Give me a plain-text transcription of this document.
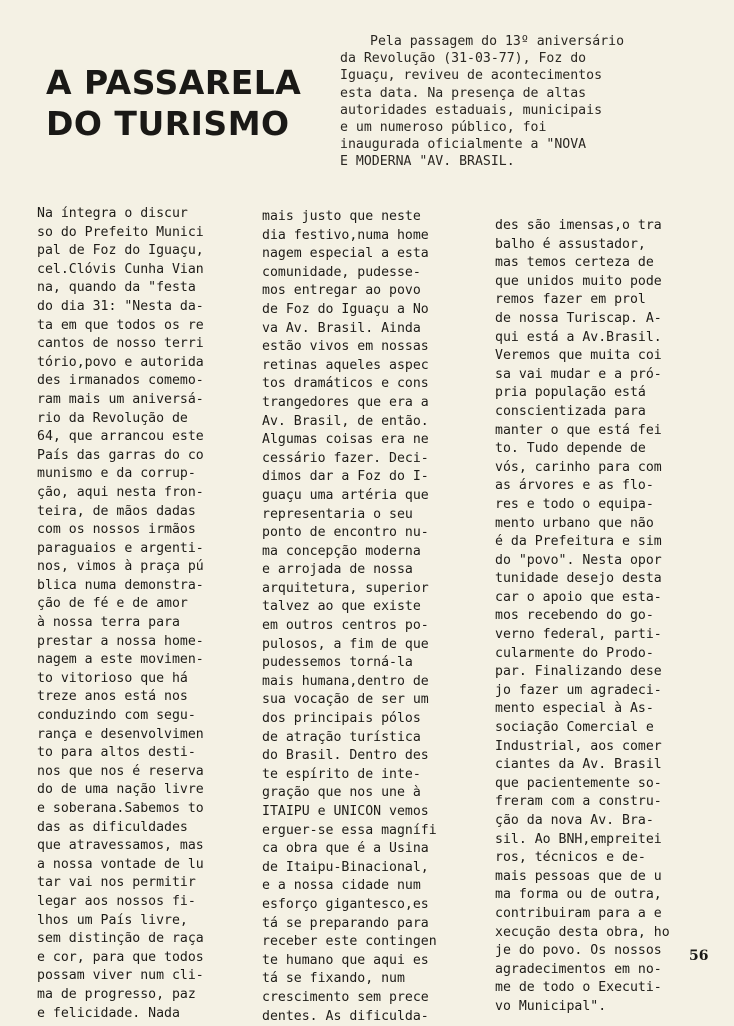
A PASSARELA
DO TURISMO
Pela passagem do 13º aniversário
da Revolução (31-03-77), Foz do
Iguaçu, reviveu de acontecimentos
esta data. Na presença de altas
autoridades estaduais, municipais
e um numeroso público, foi
inaugurada oficialmente a "NOVA
E MODERNA "AV. BRASIL.
Na íntegra o discur
so do Prefeito Munici
pal de Foz do Iguaçu,
cel.Clóvis Cunha Vian
na, quando da "festa
do dia 31: "Nesta da-
ta em que todos os re
cantos de nosso terri
tório,povo e autorida
des irmanados comemo-
ram mais um aniversá-
rio da Revolução de
64, que arrancou este
País das garras do co
munismo e da corrup-
ção, aqui nesta fron-
teira, de mãos dadas
com os nossos irmãos
paraguaios e argenti-
nos, vimos à praça pú
blica numa demonstra-
ção de fé e de amor
à nossa terra para
prestar a nossa home-
nagem a este movimen-
to vitorioso que há
treze anos está nos
conduzindo com segu-
rança e desenvolvimen
to para altos desti-
nos que nos é reserva
do de uma nação livre
e soberana.Sabemos to
das as dificuldades
que atravessamos, mas
a nossa vontade de lu
tar vai nos permitir
legar aos nossos fi-
lhos um País livre,
sem distinção de raça
e cor, para que todos
possam viver num cli-
ma de progresso, paz
e felicidade. Nada
mais justo que neste
dia festivo,numa home
nagem especial a esta
comunidade, pudesse-
mos entregar ao povo
de Foz do Iguaçu a No
va Av. Brasil. Ainda
estão vivos em nossas
retinas aqueles aspec
tos dramáticos e cons
trangedores que era a
Av. Brasil, de então.
Algumas coisas era ne
cessário fazer. Deci-
dimos dar a Foz do I-
guaçu uma artéria que
representaria o seu
ponto de encontro nu-
ma concepção moderna
e arrojada de nossa
arquitetura, superior
talvez ao que existe
em outros centros po-
pulosos, a fim de que
pudessemos torná-la
mais humana,dentro de
sua vocação de ser um
dos principais pólos
de atração turística
do Brasil. Dentro des
te espírito de inte-
gração que nos une à
ITAIPU e UNICON vemos
erguer-se essa magnífi
ca obra que é a Usina
de Itaipu-Binacional,
e a nossa cidade num
esforço gigantesco,es
tá se preparando para
receber este contingen
te humano que aqui es
tá se fixando, num
crescimento sem prece
dentes. As dificulda-
des são imensas,o tra
balho é assustador,
mas temos certeza de
que unidos muito pode
remos fazer em prol
de nossa Turiscap. A-
qui está a Av.Brasil.
Veremos que muita coi
sa vai mudar e a pró-
pria população está
conscientizada para
manter o que está fei
to. Tudo depende de
vós, carinho para com
as árvores e as flo-
res e todo o equipa-
mento urbano que não
é da Prefeitura e sim
do "povo". Nesta opor
tunidade desejo desta
car o apoio que esta-
mos recebendo do go-
verno federal, parti-
cularmente do Prodo-
par. Finalizando dese
jo fazer um agradeci-
mento especial à As-
sociação Comercial e
Industrial, aos comer
ciantes da Av. Brasil
que pacientemente so-
freram com a constru-
ção da nova Av. Bra-
sil. Ao BNH,empreitei
ros, técnicos e de-
mais pessoas que de u
ma forma ou de outra,
contribuiram para a e
xecução desta obra, ho
je do povo. Os nossos
agradecimentos em no-
me de todo o Executi-
vo Municipal".
56
